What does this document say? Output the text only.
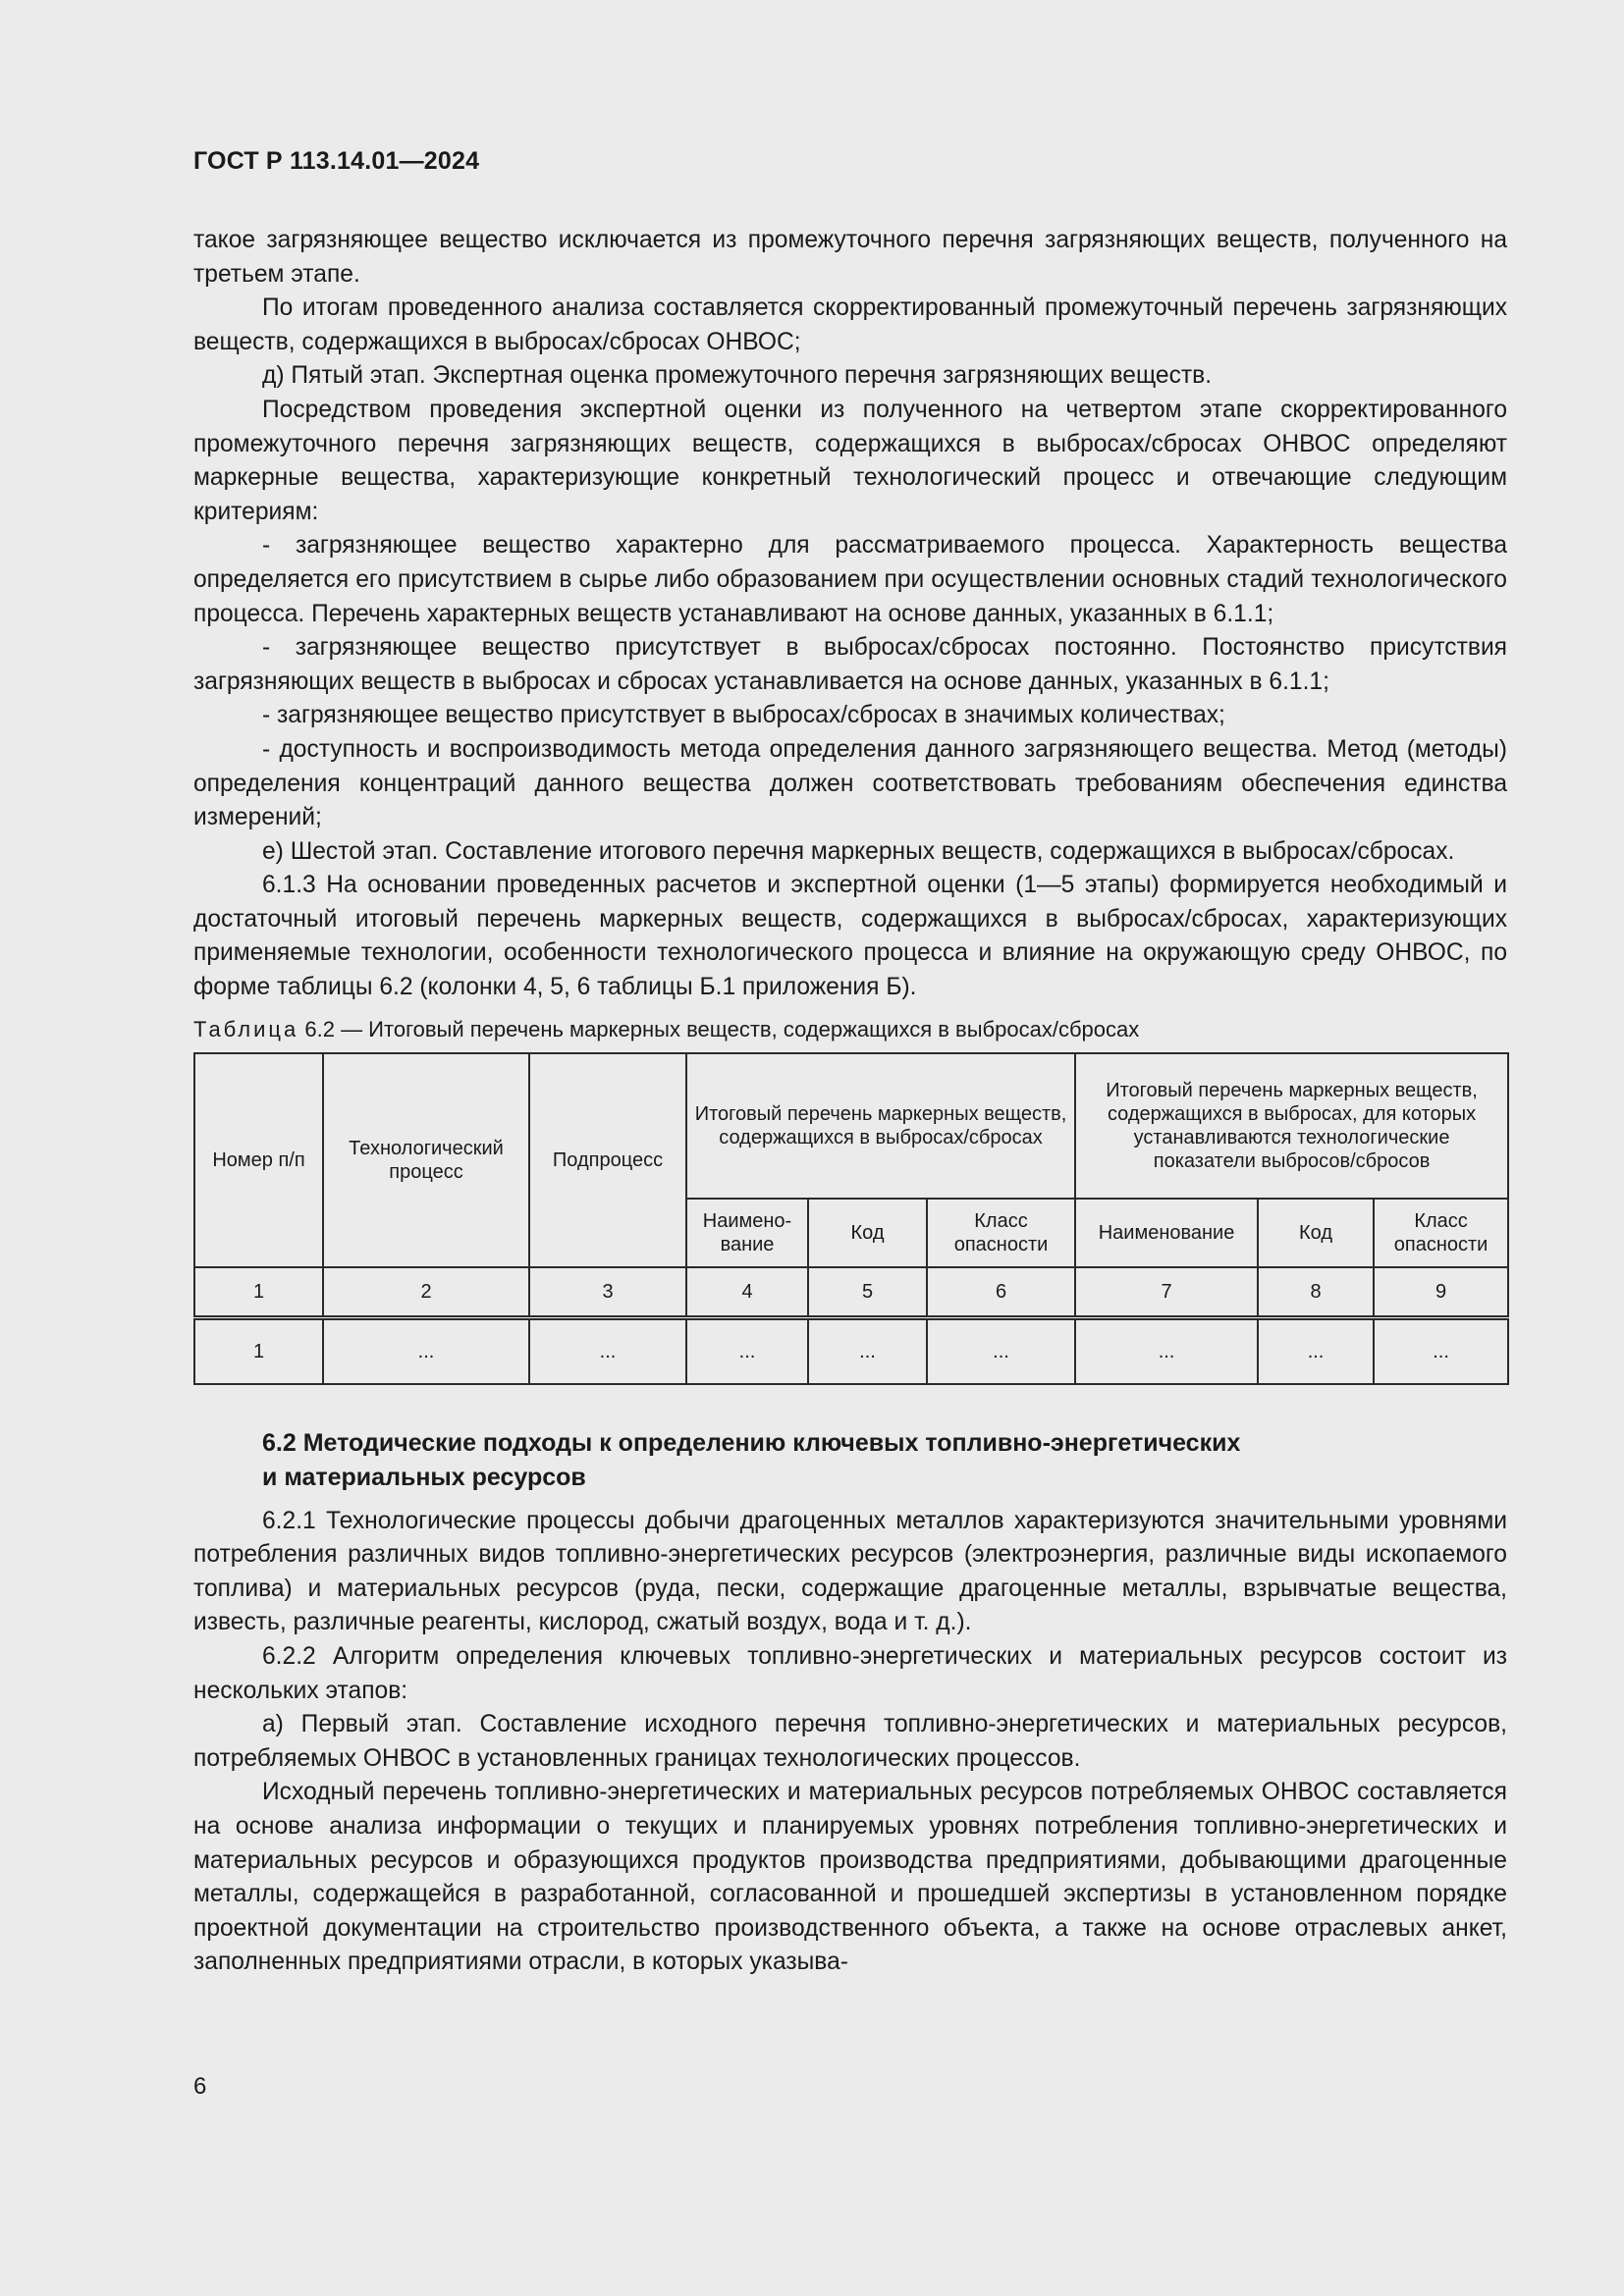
ГОСТ Р 113.14.01—2024

такое загрязняющее вещество исключается из промежуточного перечня загрязняющих веществ, полученного на третьем этапе.

По итогам проведенного анализа составляется скорректированный промежуточный перечень загрязняющих веществ, содержащихся в выбросах/сбросах ОНВОС;

д) Пятый этап. Экспертная оценка промежуточного перечня загрязняющих веществ.

Посредством проведения экспертной оценки из полученного на четвертом этапе скорректированного промежуточного перечня загрязняющих веществ, содержащихся в выбросах/сбросах ОНВОС определяют маркерные вещества, характеризующие конкретный технологический процесс и отвечающие следующим критериям:

- загрязняющее вещество характерно для рассматриваемого процесса. Характерность вещества определяется его присутствием в сырье либо образованием при осуществлении основных стадий технологического процесса. Перечень характерных веществ устанавливают на основе данных, указанных в 6.1.1;

- загрязняющее вещество присутствует в выбросах/сбросах постоянно. Постоянство присутствия загрязняющих веществ в выбросах и сбросах устанавливается на основе данных, указанных в 6.1.1;

- загрязняющее вещество присутствует в выбросах/сбросах в значимых количествах;

- доступность и воспроизводимость метода определения данного загрязняющего вещества. Метод (методы) определения концентраций данного вещества должен соответствовать требованиям обеспечения единства измерений;

е) Шестой этап. Составление итогового перечня маркерных веществ, содержащихся в выбросах/сбросах.

6.1.3 На основании проведенных расчетов и экспертной оценки (1—5 этапы) формируется необходимый и достаточный итоговый перечень маркерных веществ, содержащихся в выбросах/сбросах, характеризующих применяемые технологии, особенности технологического процесса и влияние на окружающую среду ОНВОС, по форме таблицы 6.2 (колонки 4, 5, 6 таблицы Б.1 приложения Б).

Таблица 6.2 — Итоговый перечень маркерных веществ, содержащихся в выбросах/сбросах
Номер п/п	Технологический процесс	Подпроцесс	Итоговый перечень маркерных веществ, содержащихся в выбросах/сбросах			Итоговый перечень маркерных веществ, содержащихся в выбросах, для которых устанавливаются технологические показатели выбросов/сбросов		
			Наимено-вание	Код	Класс опасности	Наименование	Код	Класс опасности
1	2	3	4	5	6	7	8	9
1	...	...	...	...	...	...	...	...
6.2 Методические подходы к определению ключевых топливно-энергетических
и материальных ресурсов

6.2.1 Технологические процессы добычи драгоценных металлов характеризуются значительными уровнями потребления различных видов топливно-энергетических ресурсов (электроэнергия, различные виды ископаемого топлива) и материальных ресурсов (руда, пески, содержащие драгоценные металлы, взрывчатые вещества, известь, различные реагенты, кислород, сжатый воздух, вода и т. д.).

6.2.2 Алгоритм определения ключевых топливно-энергетических и материальных ресурсов состоит из нескольких этапов:

а) Первый этап. Составление исходного перечня топливно-энергетических и материальных ресурсов, потребляемых ОНВОС в установленных границах технологических процессов.

Исходный перечень топливно-энергетических и материальных ресурсов потребляемых ОНВОС составляется на основе анализа информации о текущих и планируемых уровнях потребления топливно-энергетических и материальных ресурсов и образующихся продуктов производства предприятиями, добывающими драгоценные металлы, содержащейся в разработанной, согласованной и прошедшей экспертизы в установленном порядке проектной документации на строительство производственного объекта, а также на основе отраслевых анкет, заполненных предприятиями отрасли, в которых указыва-

6
